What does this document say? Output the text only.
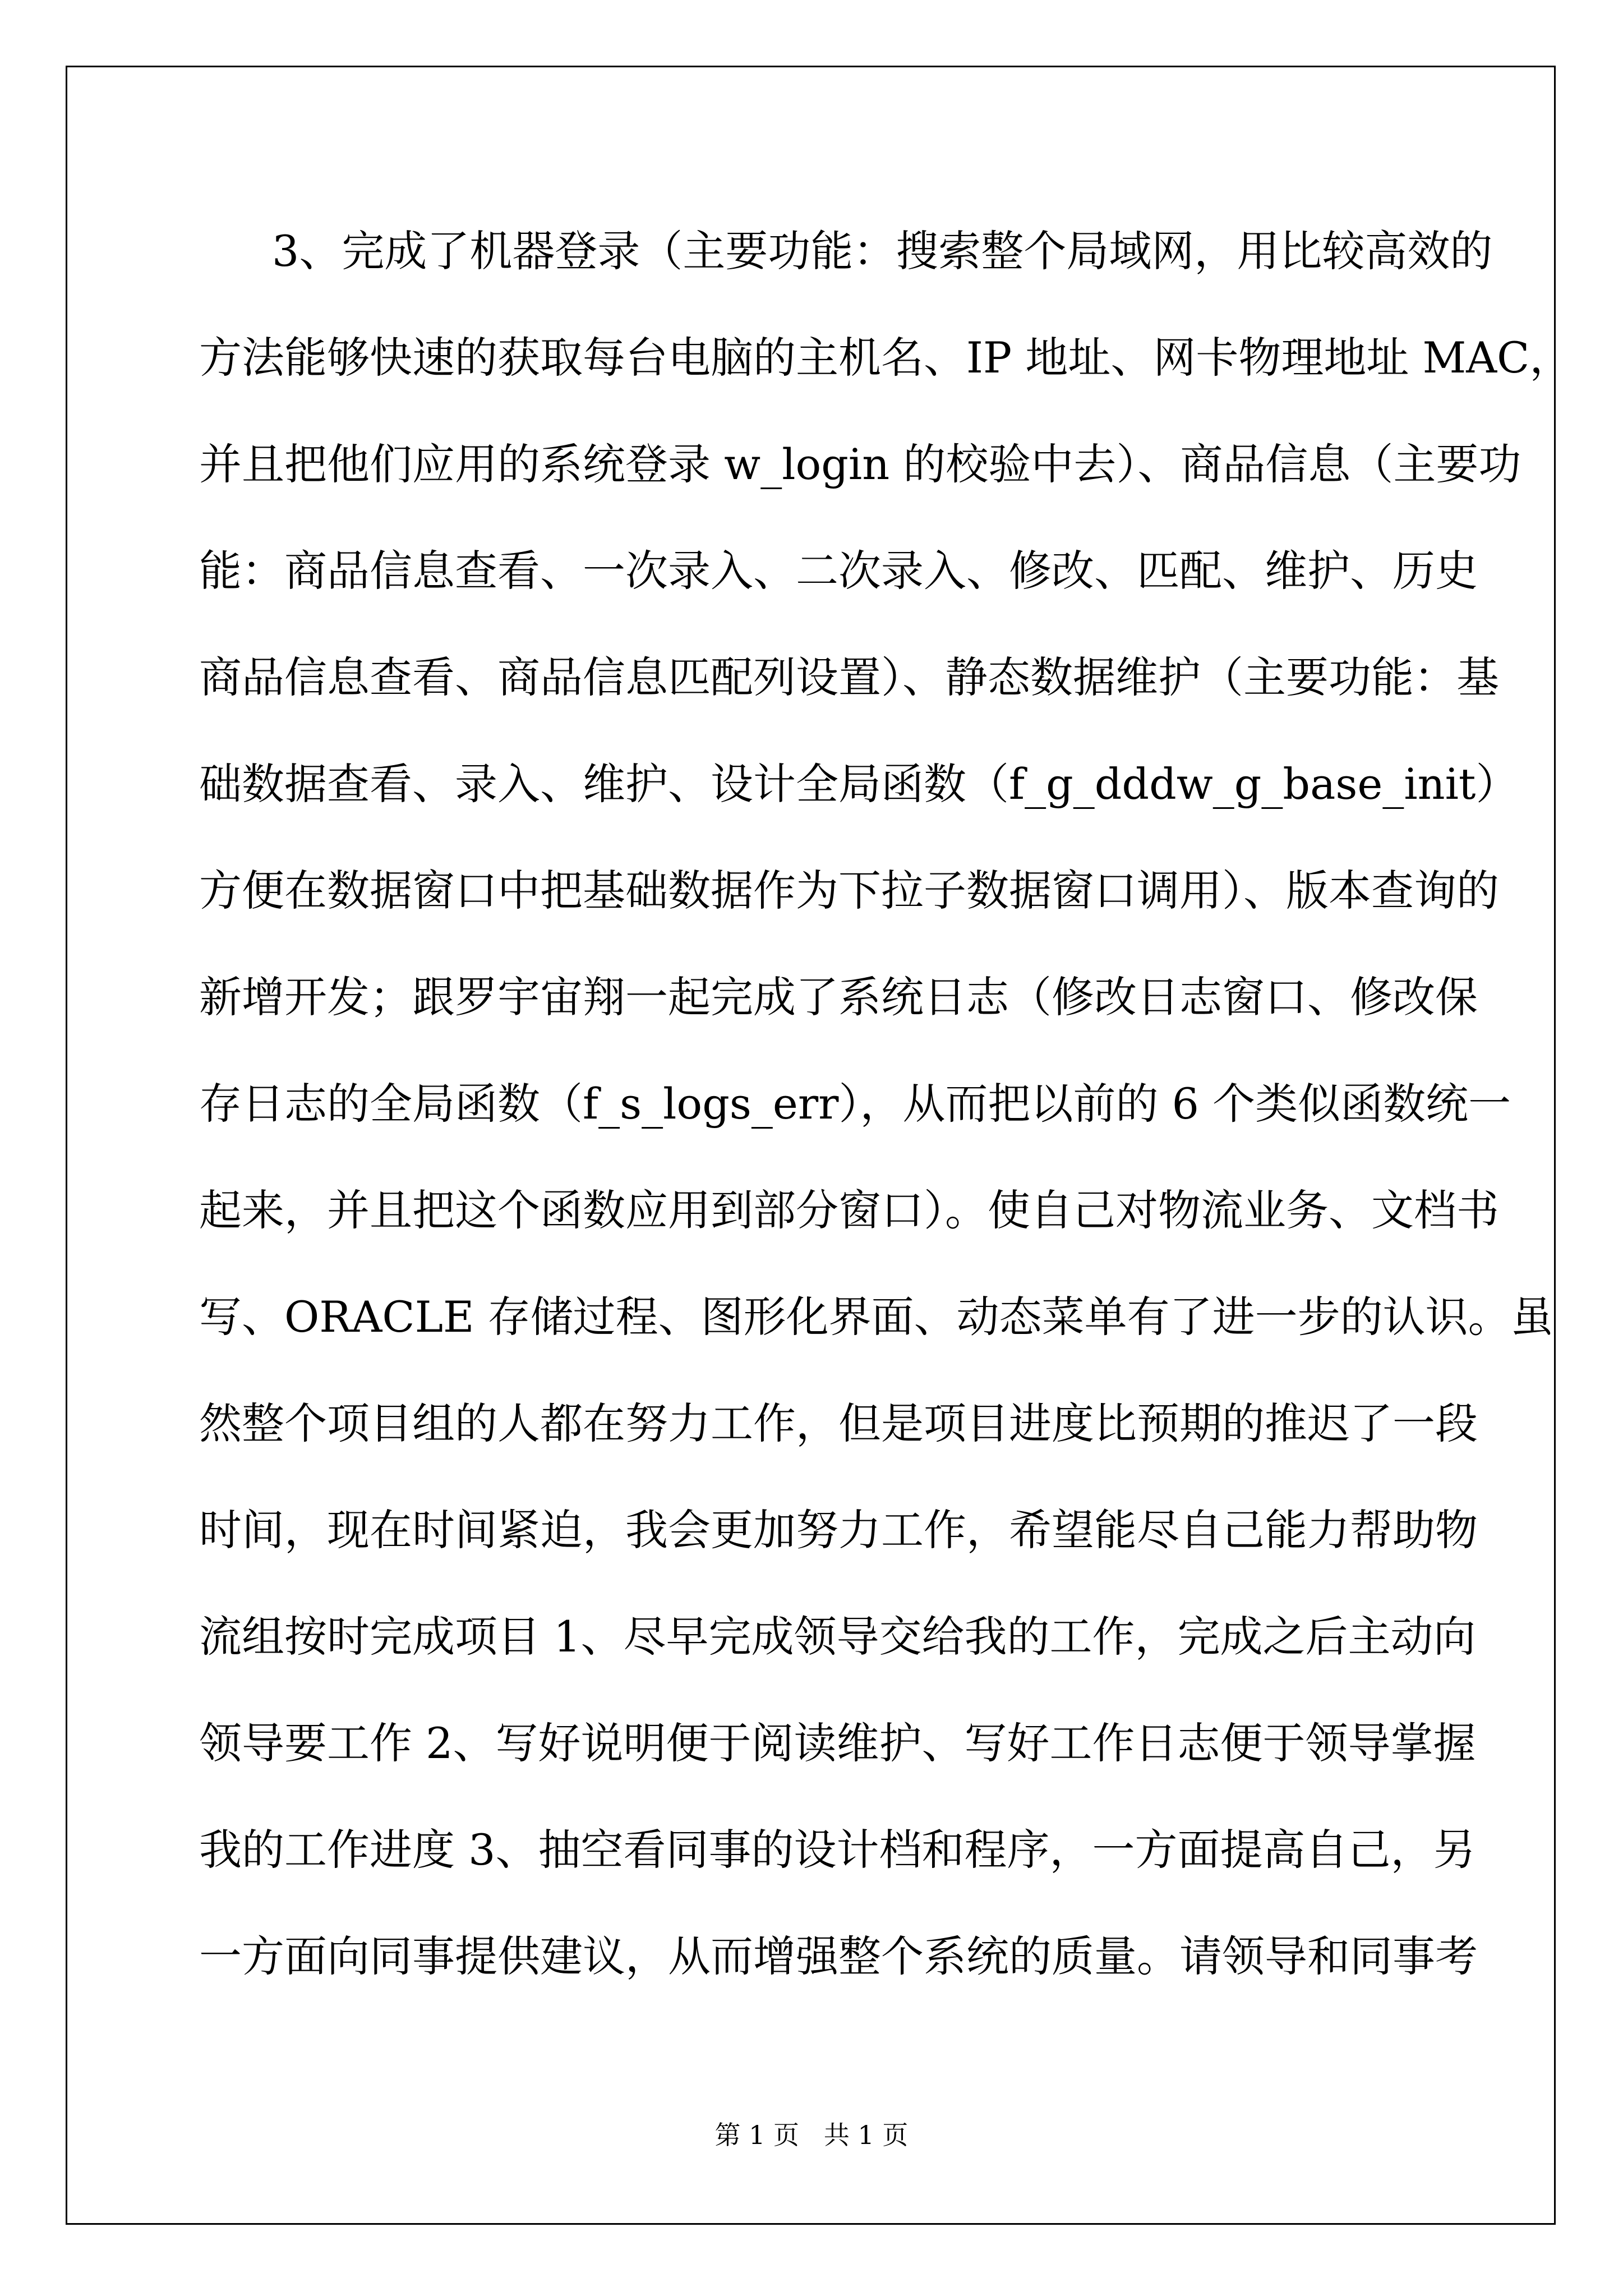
3、完成了机器登录（主要功能：搜索整个局域网，用比较高效的
方法能够快速的获取每台电脑的主机名、IP 地址、网卡物理地址 MAC，
并且把他们应用的系统登录 w_login 的校验中去）、商品信息（主要功
能：商品信息查看、一次录入、二次录入、修改、匹配、维护、历史
商品信息查看、商品信息匹配列设置）、静态数据维护（主要功能：基
础数据查看、录入、维护、设计全局函数（f_g_dddw_g_base_init）
方便在数据窗口中把基础数据作为下拉子数据窗口调用）、版本查询的
新增开发；跟罗宇宙翔一起完成了系统日志（修改日志窗口、修改保
存日志的全局函数（f_s_logs_err），从而把以前的 6 个类似函数统一
起来，并且把这个函数应用到部分窗口）。使自己对物流业务、文档书
写、ORACLE 存储过程、图形化界面、动态菜单有了进一步的认识。虽
然整个项目组的人都在努力工作，但是项目进度比预期的推迟了一段
时间，现在时间紧迫，我会更加努力工作，希望能尽自己能力帮助物
流组按时完成项目 1、尽早完成领导交给我的工作，完成之后主动向
领导要工作 2、写好说明便于阅读维护、写好工作日志便于领导掌握
我的工作进度 3、抽空看同事的设计档和程序，一方面提高自己，另
一方面向同事提供建议，从而增强整个系统的质量。请领导和同事考
第 1 页   共 1 页
